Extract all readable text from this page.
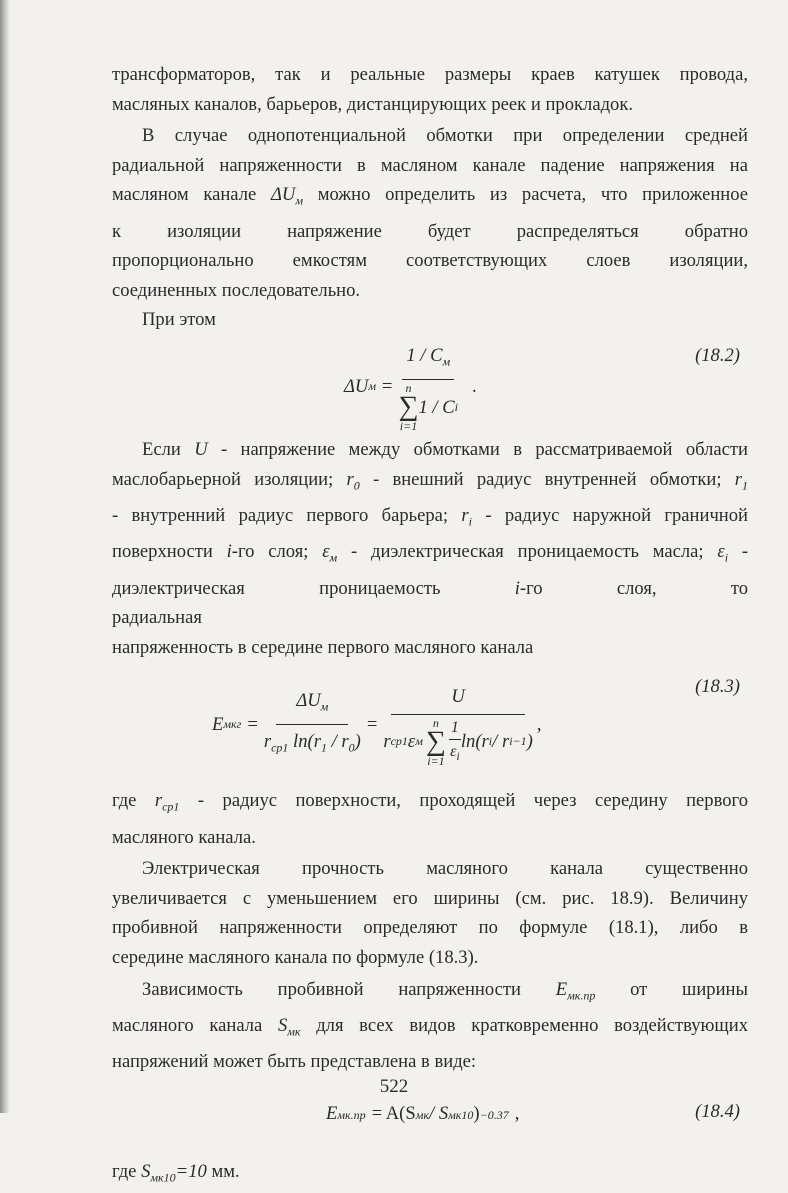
трансформаторов, так и реальные размеры краев катушек провода,
масляных каналов, барьеров, дистанцирующих реек и прокладок.

В случае однопотенциальной обмотки при определении средней
радиальной напряженности в масляном канале падение напряжения на
масляном канале $\Delta U_м$ можно определить из расчета, что приложенное
к изоляции напряжение будет распределяться обратно
пропорционально емкостям соответствующих слоев изоляции,
соединенных последовательно.

При этом

ΔU $м = 1 / C_м$
n
∑
i=1
1 / C i .
(18.2)

Если U - напряжение между обмотками в рассматриваемой области
маслобарьерной изоляции; $r_0$ - внешний радиус внутренней обмотки; $r_1$
- внутренний радиус первого барьера; $r_i$ - радиус наружной граничной
поверхности i-го слоя; $\varepsilon_м$ - диэлектрическая проницаемость масла; $\varepsilon_i$ -
диэлектрическая проницаемость i-го слоя, то радиальная
напряженность в середине первого масляного канала

E мкг = $\frac{\Delta U_м}{r_{cp1} \ln(r_1 / r_0)}$ =
U
r cp1 ε м
n
∑
$i=1 \frac{1}{\varepsilon_i} \ln(r$ i / r i−1 )
,
(18.3)

где $r_{cp1}$ - радиус поверхности, проходящей через середину первого
масляного канала.

Электрическая прочность масляного канала существенно
увеличивается с уменьшением его ширины (см. рис. 18.9). Величину
пробивной напряженности определяют по формуле (18.1), либо в
середине масляного канала по формуле (18.3).

Зависимость пробивной напряженности $E_{мк.пр}$ от ширины
масляного канала $S_{мк}$ для всех видов кратковременно воздействующих
напряжений может быть представлена в виде:

E мк.пр = A(S мк / S мк10 ) −0.37 ,	(18.4)

где $S_{мк10}=10$ мм.

522
